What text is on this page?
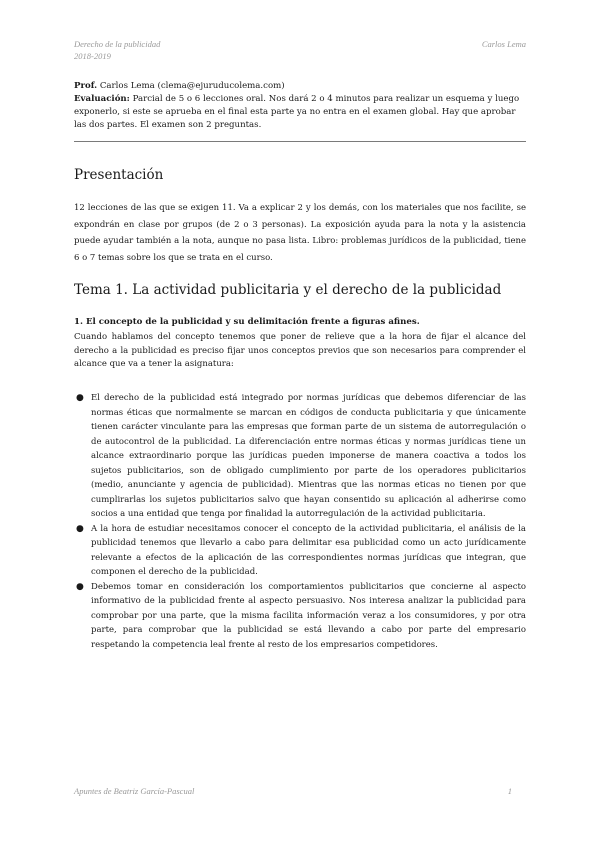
Derecho de la publicidad
2018-2019
Carlos Lema
Prof. Carlos Lema (clema@ejuruducolema.com)
Evaluación: Parcial de 5 o 6 lecciones oral. Nos dará 2 o 4 minutos para realizar un esquema y luego exponerlo, si este se aprueba en el final esta parte ya no entra en el examen global. Hay que aprobar las dos partes. El examen son 2 preguntas.
Presentación
12 lecciones de las que se exigen 11. Va a explicar 2 y los demás, con los materiales que nos facilite, se expondrán en clase por grupos (de 2 o 3 personas). La exposición ayuda para la nota y la asistencia puede ayudar también a la nota, aunque no pasa lista. Libro: problemas jurídicos de la publicidad, tiene 6 o 7 temas sobre los que se trata en el curso.
Tema 1. La actividad publicitaria y el derecho de la publicidad
1. El concepto de la publicidad y su delimitación frente a figuras afines.
Cuando hablamos del concepto tenemos que poner de relieve que a la hora de fijar el alcance del derecho a la publicidad es preciso fijar unos conceptos previos que son necesarios para comprender el alcance que va a tener la asignatura:
● El derecho de la publicidad está integrado por normas jurídicas que debemos diferenciar de las normas éticas que normalmente se marcan en códigos de conducta publicitaria y que únicamente tienen carácter vinculante para las empresas que forman parte de un sistema de autorregulación o de autocontrol de la publicidad. La diferenciación entre normas éticas y normas jurídicas tiene un alcance extraordinario porque las jurídicas pueden imponerse de manera coactiva a todos los sujetos publicitarios, son de obligado cumplimiento por parte de los operadores publicitarios (medio, anunciante y agencia de publicidad). Mientras que las normas eticas no tienen por que cumplirarlas los sujetos publicitarios salvo que hayan consentido su aplicación al adherirse como socios a una entidad que tenga por finalidad la autorregulación de la actividad publicitaria.
● A la hora de estudiar necesitamos conocer el concepto de la actividad publicitaria, el análisis de la publicidad tenemos que llevarlo a cabo para delimitar esa publicidad como un acto jurídicamente relevante a efectos de la aplicación de las correspondientes normas jurídicas que integran, que componen el derecho de la publicidad.
● Debemos tomar en consideración los comportamientos publicitarios que concierne al aspecto informativo de la publicidad frente al aspecto persuasivo. Nos interesa analizar la publicidad para comprobar por una parte, que la misma facilita información veraz a los consumidores, y por otra parte, para comprobar que la publicidad se está llevando a cabo por parte del empresario respetando la competencia leal frente al resto de los empresarios competidores.
Apuntes de Beatriz García-Pascual	1
